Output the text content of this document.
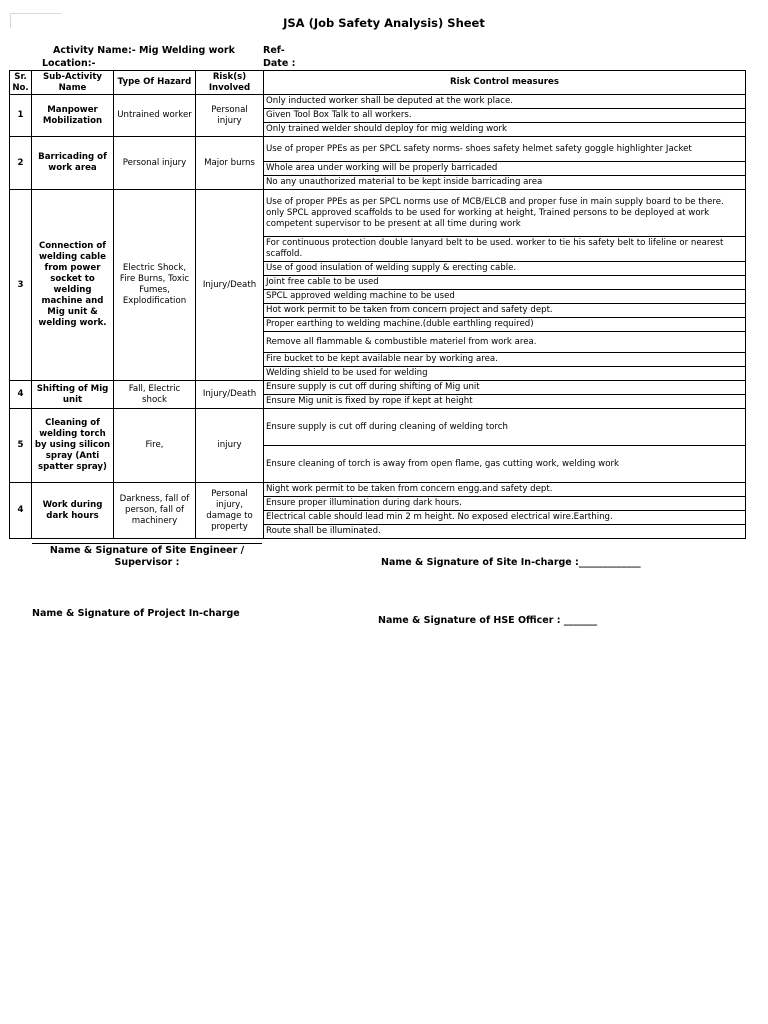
JSA (Job Safety Analysis) Sheet
Activity Name:- Mig Welding work	Ref-
Location:-	Date :
Sr. No.	Sub-Activity Name	Type Of Hazard	Risk(s) Involved	Risk Control measures
1	Manpower Mobilization	Untrained worker	Personal injury	Only inducted worker shall be deputed at the work place.
				Given Tool Box Talk to all workers.
				Only trained welder should deploy for mig welding work
2	Barricading of work area	Personal injury	Major burns	Use of proper PPEs as per SPCL safety norms- shoes safety helmet safety goggle highlighter Jacket
				Whole area under working will be properly barricaded
				No any unauthorized material to be kept inside barricading area
3	Connection of welding cable from power socket to welding machine and Mig unit & welding work.	Electric Shock, Fire Burns, Toxic Fumes, Explodification	Injury/Death	Use of proper PPEs as per SPCL norms use of MCB/ELCB and proper fuse in main supply board to be there. only SPCL approved scaffolds to be used for working at height, Trained persons to be deployed at work competent supervisor to be present at all time during work
				For continuous protection double lanyard belt to be used. worker to tie his safety belt to lifeline or nearest scaffold.
				Use of good insulation of welding supply & erecting cable.
				Joint free cable to be used
				SPCL approved welding machine to be used
				Hot work permit to be taken from concern project and safety dept.
				Proper earthing to welding machine.(duble earthling required)
				Remove all flammable & combustible materiel from work area.
				Fire bucket to be kept available near by working area.
				Welding shield to be used for welding
4	Shifting of Mig unit	Fall, Electric shock	Injury/Death	Ensure supply is cut off during shifting of Mig unit
				Ensure Mig unit is fixed by rope if kept at height
5	Cleaning of welding torch by using silicon spray (Anti spatter spray)	Fire,	injury	Ensure supply is cut off during cleaning of welding torch
				Ensure cleaning of torch is away from open flame, gas cutting work, welding work
4	Work during dark hours	Darkness, fall of person, fall of machinery	Personal injury, damage to property	Night work permit to be taken from concern engg.and safety dept.
				Ensure proper illumination during dark hours.
				Electrical cable should lead min 2 m height. No exposed electrical wire.Earthing.
				Route shall be illuminated.
Name & Signature of Site Engineer / Supervisor :	Name & Signature of Site In-charge :_____________
Name & Signature of Project In-charge
Name & Signature of HSE Officer : _______
